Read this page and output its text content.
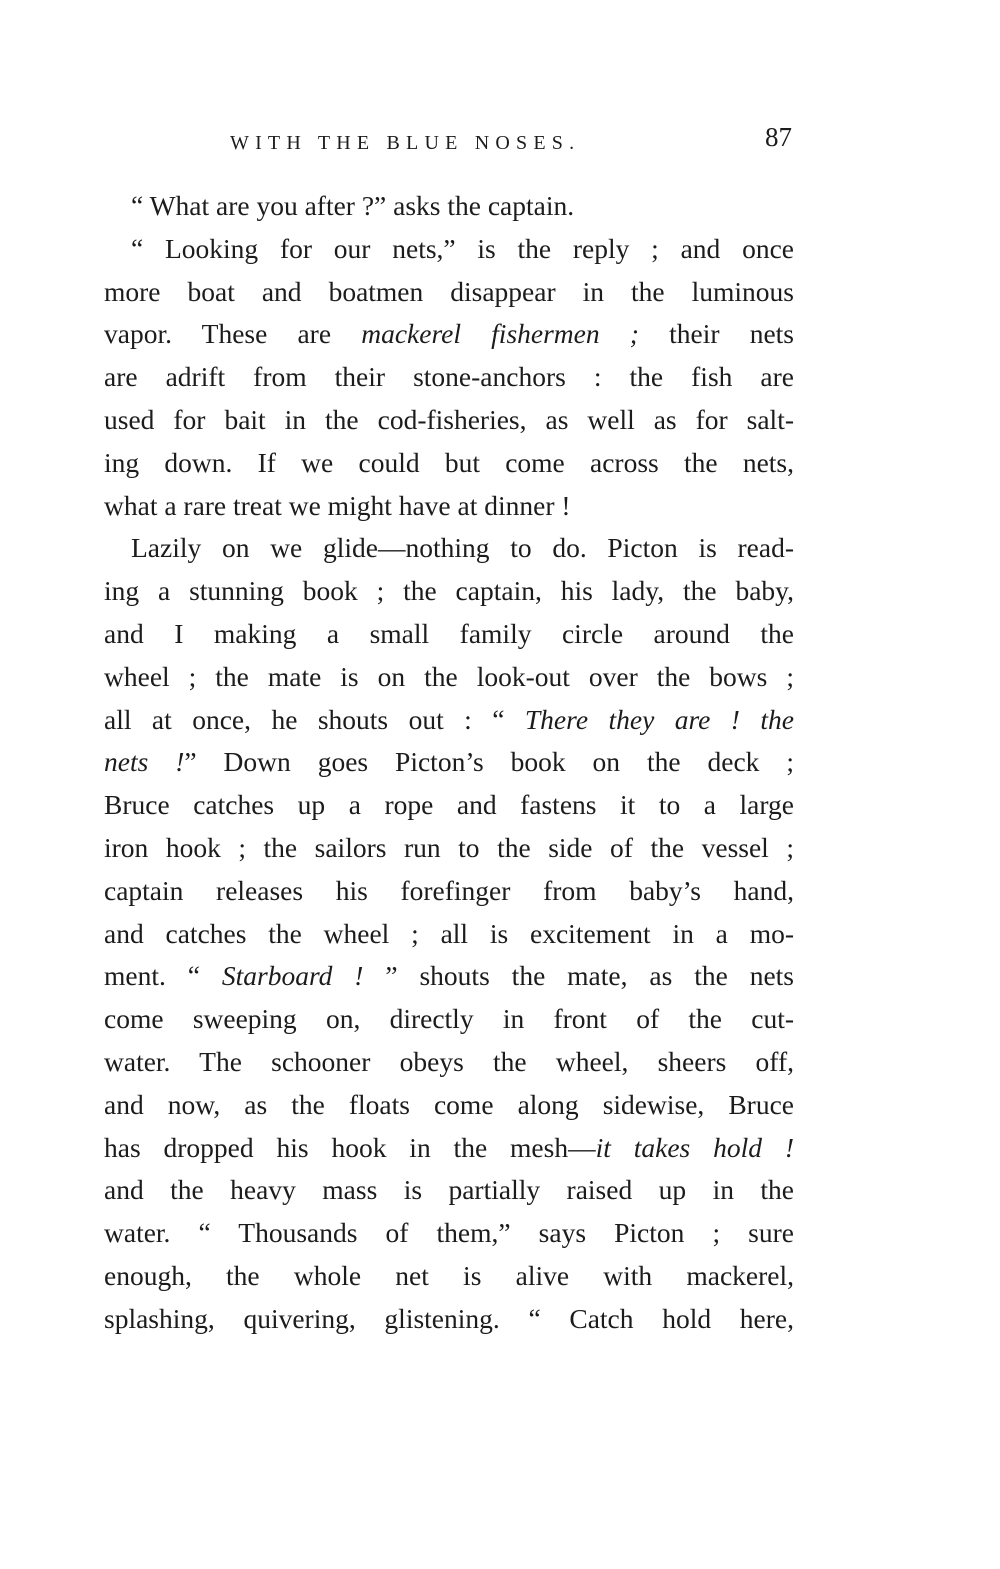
WITH THE BLUE NOSES.	87
“ What are you after ?” asks the captain.
“ Looking for our nets,” is the reply ; and once
more boat and boatmen disappear in the luminous
vapor. These are mackerel fishermen ; their nets
are adrift from their stone-anchors : the fish are
used for bait in the cod-fisheries, as well as for salt-
ing down. If we could but come across the nets,
what a rare treat we might have at dinner !
Lazily on we glide—nothing to do. Picton is read-
ing a stunning book ; the captain, his lady, the baby,
and I making a small family circle around the
wheel ; the mate is on the look-out over the bows ;
all at once, he shouts out : “ There they are ! the
nets !” Down goes Picton’s book on the deck ;
Bruce catches up a rope and fastens it to a large
iron hook ; the sailors run to the side of the vessel ;
captain releases his forefinger from baby’s hand,
and catches the wheel ; all is excitement in a mo-
ment. “ Starboard ! ” shouts the mate, as the nets
come sweeping on, directly in front of the cut-
water. The schooner obeys the wheel, sheers off,
and now, as the floats come along sidewise, Bruce
has dropped his hook in the mesh—it takes hold !
and the heavy mass is partially raised up in the
water. “ Thousands of them,” says Picton ; sure
enough, the whole net is alive with mackerel,
splashing, quivering, glistening. “ Catch hold here,
